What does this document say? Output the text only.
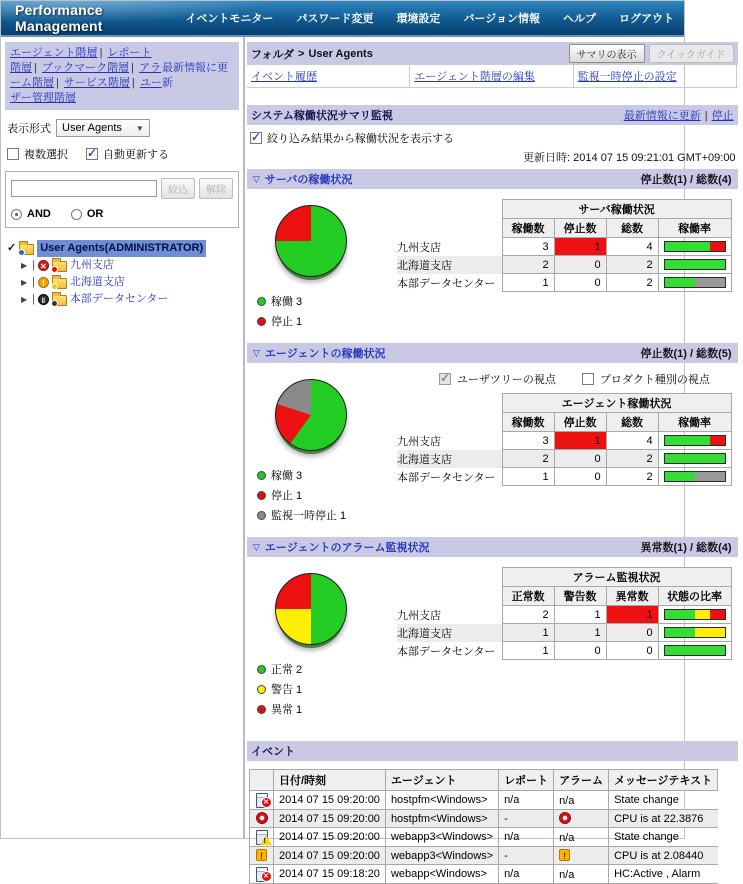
Performance Management	イベントモニター パスワード変更 環境設定 バージョン情報 ヘルプ ログアウト
エージェント階層 | レポート階層 | ブックマーク階層 | アラーム階層 | サービス階層 | ユーザー管理階層
最新情報に更新
表示形式 User Agents ▼
複数選択 ✓	自動更新する
絞込	解除
AND	OR
✓ User Agents(ADMINISTRATOR)
▶ | ✕	九州支店
▶ | !	北海道支店
▶ | ‖	本部データセンター
フォルダ > User Agents	サマリの表示	クイックガイド
イベント履歴	エージェント階層の編集	監視一時停止の設定
システム稼働状況サマリ監視	最新情報に更新 | 停止
✓
絞り込み結果から稼働状況を表示する
更新日時: 2014 07 15 09:21:01 GMT+09:00
▽ サーバの稼働状況	停止数(1) / 総数(4)
稼働 3
停止 1
	サーバ稼働状況			
	稼働数	停止数	総数	稼働率
九州支店	3	1	4	

北海道支店	2	0	2	

本部データセンター	1	0	2	
▽ エージェントの稼働状況	停止数(1) / 総数(5)
稼働 3
停止 1
監視一時停止 1
✓
ユーザツリーの視点	プロダクト種別の視点
	エージェント稼働状況			
	稼働数	停止数	総数	稼働率
九州支店	3	1	4	

北海道支店	2	0	2	

本部データセンター	1	0	2	
▽ エージェントのアラーム監視状況	異常数(1) / 総数(4)
正常 2
警告 1
異常 1
	アラーム監視状況			
	正常数	警告数	異常数	状態の比率
九州支店	2	1	1	

北海道支店	1	1	0	

本部データセンター	1	0	0	
イベント
	日付/時刻	エージェント	レポート	アラーム	メッセージテキスト
✕	2014 07 15 09:20:00	hostpfm<Windows>	n/a	n/a	State change
	2014 07 15 09:20:00	hostpfm<Windows>	-		CPU is at 22.3876
!	2014 07 15 09:20:00	webapp3<Windows>	n/a	n/a	State change
!	2014 07 15 09:20:00	webapp3<Windows>	-	!	CPU is at 2.08440
✕	2014 07 15 09:18:20	webapp<Windows>	n/a	n/a	HC:Active , Alarm
